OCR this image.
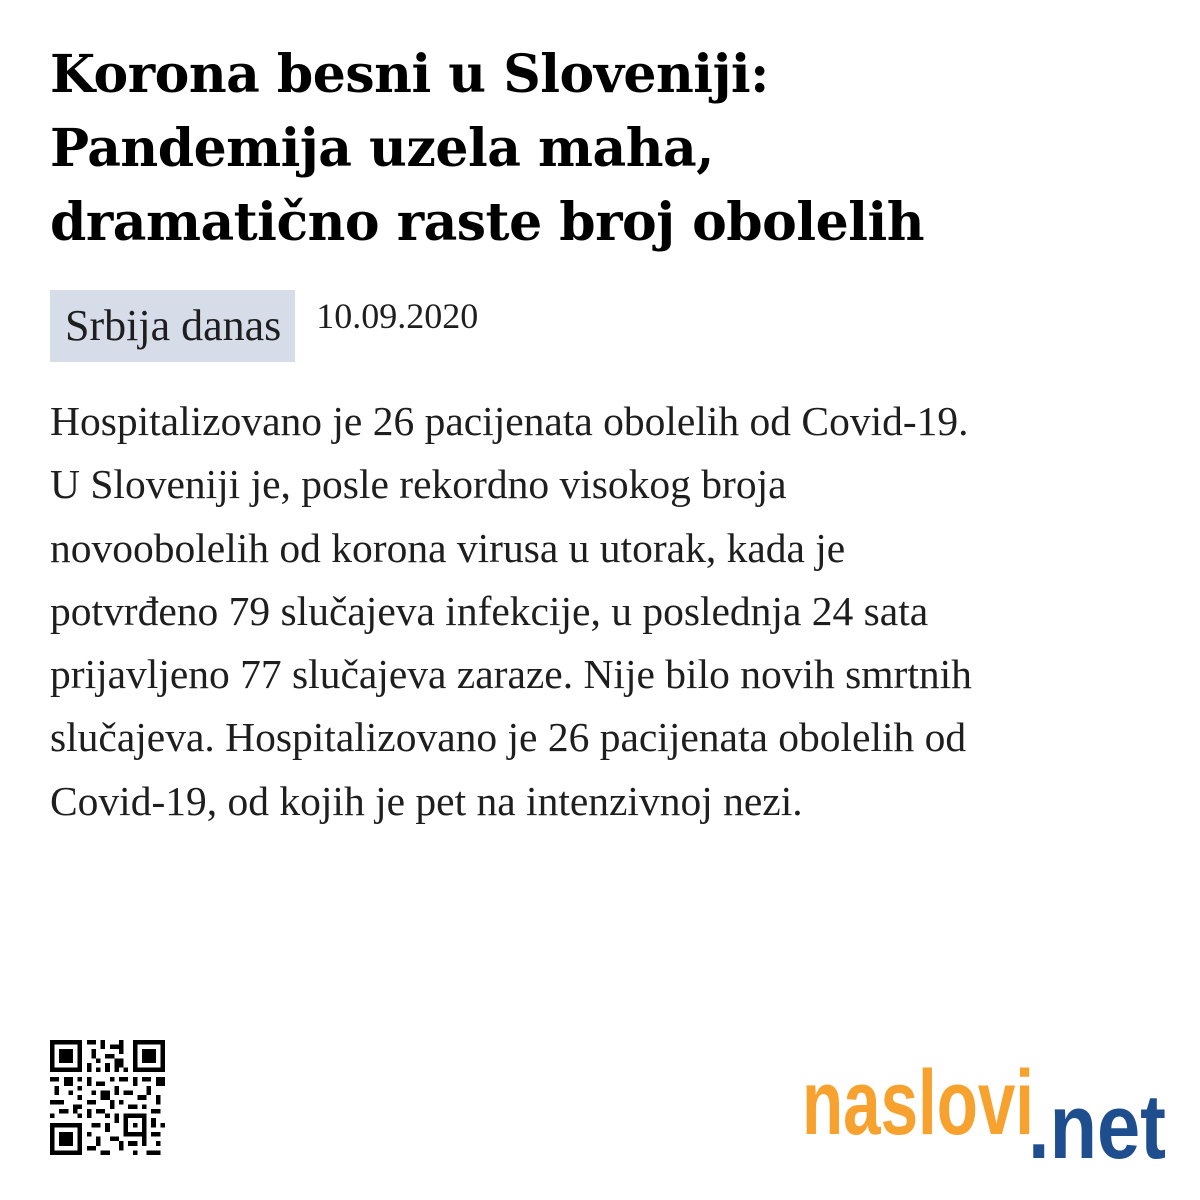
Korona besni u Sloveniji:
Pandemija uzela maha,
dramatično raste broj obolelih
Srbija danas 10.09.2020

Hospitalizovano je 26 pacijenata obolelih od Covid-19.
U Sloveniji je, posle rekordno visokog broja
novoobolelih od korona virusa u utorak, kada je
potvrđeno 79 slučajeva infekcije, u poslednja 24 sata
prijavljeno 77 slučajeva zaraze. Nije bilo novih smrtnih
slučajeva. Hospitalizovano je 26 pacijenata obolelih od
Covid-19, od kojih je pet na intenzivnoj nezi.

naslovi
.net
